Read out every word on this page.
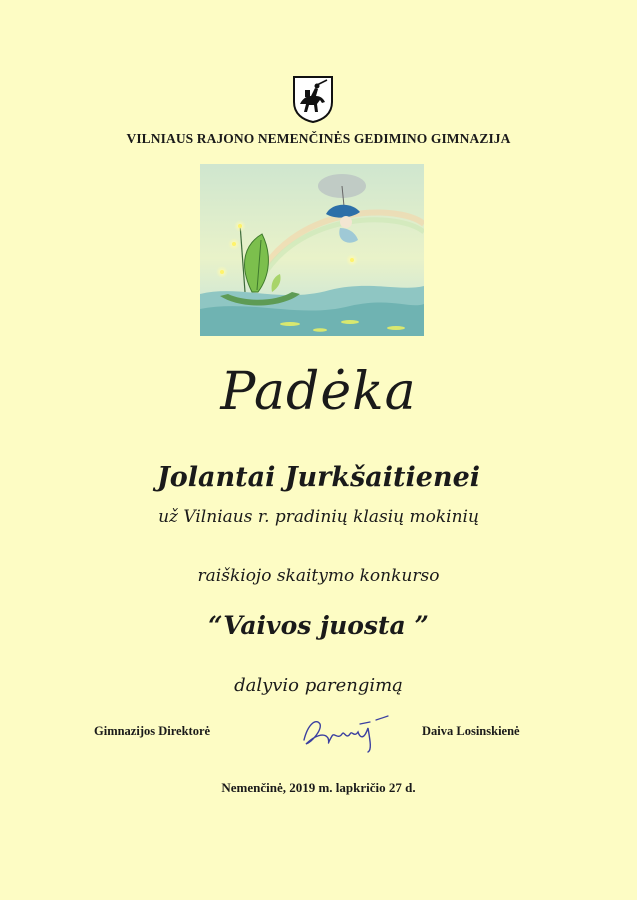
VILNIAUS RAJONO NEMENČINĖS GEDIMINO GIMNAZIJA
Padėka
Jolantai Jurkšaitienei
už Vilniaus r. pradinių klasių mokinių
raiškiojo skaitymo konkurso
“Vaivos juosta ”
dalyvio parengimą
Gimnazijos Direktorė	Daiva Losinskienė
Nemenčinė, 2019 m. lapkričio 27 d.
